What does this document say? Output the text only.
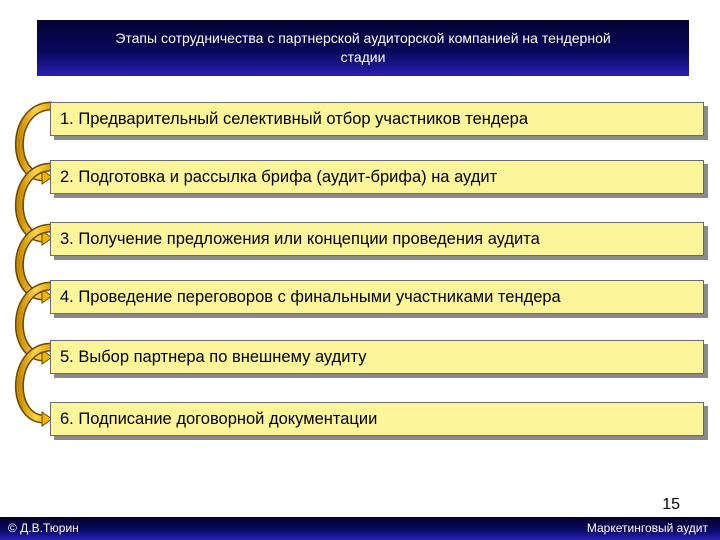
Этапы сотрудничества с партнерской аудиторской компанией на тендерной
стадии
1. Предварительный селективный отбор участников тендера
2. Подготовка и рассылка брифа (аудит-брифа) на аудит
3. Получение предложения или концепции проведения аудита
4. Проведение переговоров с финальными участниками тендера
5. Выбор партнера по внешнему аудиту
6. Подписание договорной документации
15
© Д.В.Тюрин	Маркетинговый аудит
